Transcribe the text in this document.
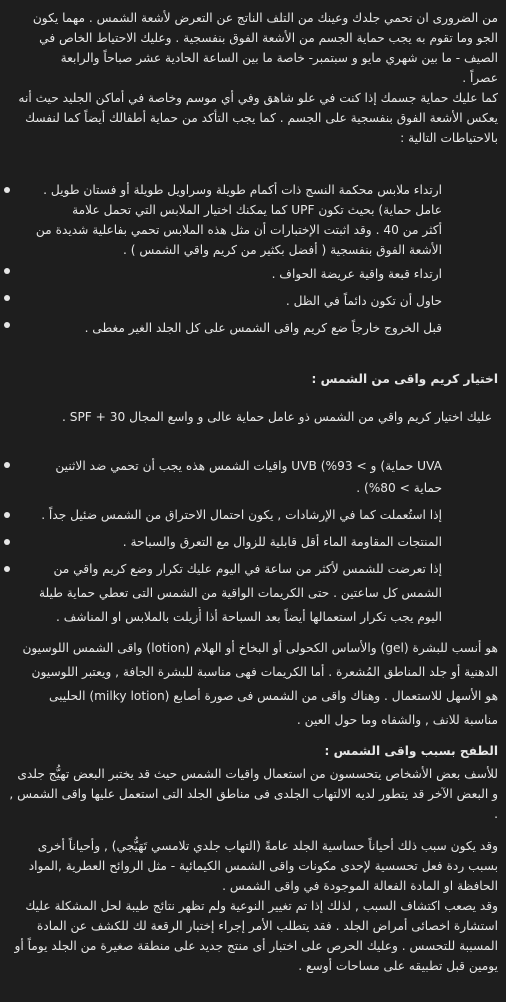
من الضرورى ان تحمي جلدك وعينك من التلف الناتج عن التعرض لأشعة الشمس . مهما يكون
الجو وما تقوم به يجب حماية الجسم من الأشعة الفوق بنفسجية . وعليك الاحتياط الخاص في
الصيف - ما بين شهري مايو و سبتمبر- خاصة ما بين الساعة الحادية عشر صباحاً والرابعة
عصراً .
كما عليك حماية جسمك إذا كنت في علو شاهق وفي أي موسم وخاصة في أماكن الجليد حيث أنه
يعكس الأشعة الفوق بنفسجية على الجسم . كما يجب التأكد من حماية أطفالك أيضاً كما لنفسك
بالاحتياطات التالية :
ارتداء ملابس محكمة النسج ذات أكمام طويلة وسراويل طويلة أو فستان طويل .
عامل حماية) بحيث تكون UPF كما يمكنك اختيار الملابس التي تحمل علامة
أكثر من 40 . وقد اثبتت الإختبارات أن مثل هذه الملابس تحمي بفاعلية شديدة من
الأشعة الفوق بنفسجية ( أفضل بكثير من كريم واقي الشمس ) .
ارتداء قبعة واقية عريضة الحواف .
حاول أن تكون دائماً في الظل .
قبل الخروج خارجاً ضع كريم واقى الشمس على كل الجلد الغير مغطى .
اختيار كريم واقى من الشمس :
عليك اختيار كريم واقي من الشمس ذو عامل حماية عالى و واسع المجال SPF + 30 .
UVA حماية) و > 93%) UVB واقيات الشمس هذه يجب أن تحمي ضد الاثنين
حماية > 80%) .
إذا استُعملت كما في الإرشادات , يكون احتمال الاحتراق من الشمس ضئيل جداً .
المنتجات المقاومة الماء أقل قابلية للزوال مع التعرق والسباحة .
إذا تعرضت للشمس لأكثر من ساعة في اليوم عليك تكرار وضع كريم واقي من
الشمس كل ساعتين . حتى الكريمات الواقية من الشمس التى تعطي حماية طيلة
اليوم يجب تكرار استعمالها أيضاً بعد السباحة أذا أُزيلت بالملابس او المناشف .
هو أنسب للبشرة (gel) والأساس الكحولى أو البخاخ أو الهلام (lotion) واقى الشمس اللوسيون
الدهنية أو جلد المناطق المُشعرة . أما الكريمات فهى مناسبة للبشرة الجافة , ويعتبر اللوسيون
هو الأسهل للاستعمال . وهناك واقى من الشمس فى صورة أصابع (milky lotion) الحليبى
مناسبة للانف , والشفاه وما حول العين .
الطفح بسبب واقى الشمس :
للأسف بعض الأشخاص يتحسسون من استعمال واقيات الشمس حيث قد يختبر البعض تهيُّج جلدى
و البعض الآخر قد يتطور لديه الالتهاب الجلدى فى مناطق الجلد التى استعمل عليها واقى الشمس ,
.
وقد يكون سبب ذلك أحياناً حساسية الجلد عامةً (التهاب جلدي تلامسي تَهَيُّجي) , وأحياناً أخرى
بسبب ردة فعل تحسسية لإحدى مكونات واقى الشمس الكيمائية - مثل الروائح العطرية ,المواد
الحافظة او المادة الفعالة الموجودة في واقى الشمس .
وقد يصعب اكتشاف السبب , لذلك إذا تم تغيير النوعية ولم تظهر نتائج طيبة لحل المشكلة عليك
استشارة اخصائى أمراض الجلد . فقد يتطلب الأمر إجراء إختبار الرقعة لك للكشف عن المادة
المسببة للتحسس . وعليك الحرص على اختبار أى منتج جديد على منطقة صغيرة من الجلد يوماً أو
يومين قبل تطبيقه على مساحات أوسع .
